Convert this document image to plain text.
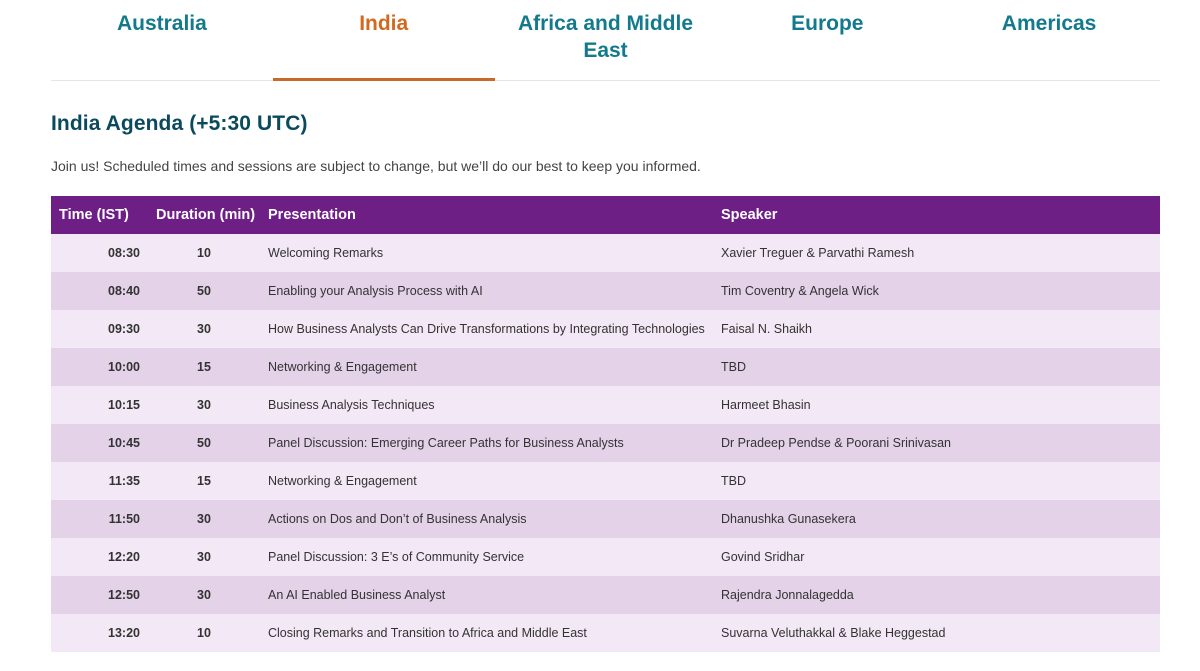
Australia	India	Africa and Middle East
Europe	Americas
India Agenda (+5:30 UTC)

Join us! Scheduled times and sessions are subject to change, but we’ll do our best to keep you informed.

Time (IST)	Duration (min)	Presentation	Speaker
08:30	10	Welcoming Remarks	Xavier Treguer & Parvathi Ramesh
08:40	50	Enabling your Analysis Process with AI	Tim Coventry & Angela Wick
09:30	30	How Business Analysts Can Drive Transformations by Integrating Technologies	Faisal N. Shaikh
10:00	15	Networking & Engagement	TBD
10:15	30	Business Analysis Techniques	Harmeet Bhasin
10:45	50	Panel Discussion: Emerging Career Paths for Business Analysts	Dr Pradeep Pendse & Poorani Srinivasan
11:35	15	Networking & Engagement	TBD
11:50	30	Actions on Dos and Don’t of Business Analysis	Dhanushka Gunasekera
12:20	30	Panel Discussion: 3 E’s of Community Service	Govind Sridhar
12:50	30	An AI Enabled Business Analyst	Rajendra Jonnalagedda
13:20	10	Closing Remarks and Transition to Africa and Middle East	Suvarna Veluthakkal & Blake Heggestad
